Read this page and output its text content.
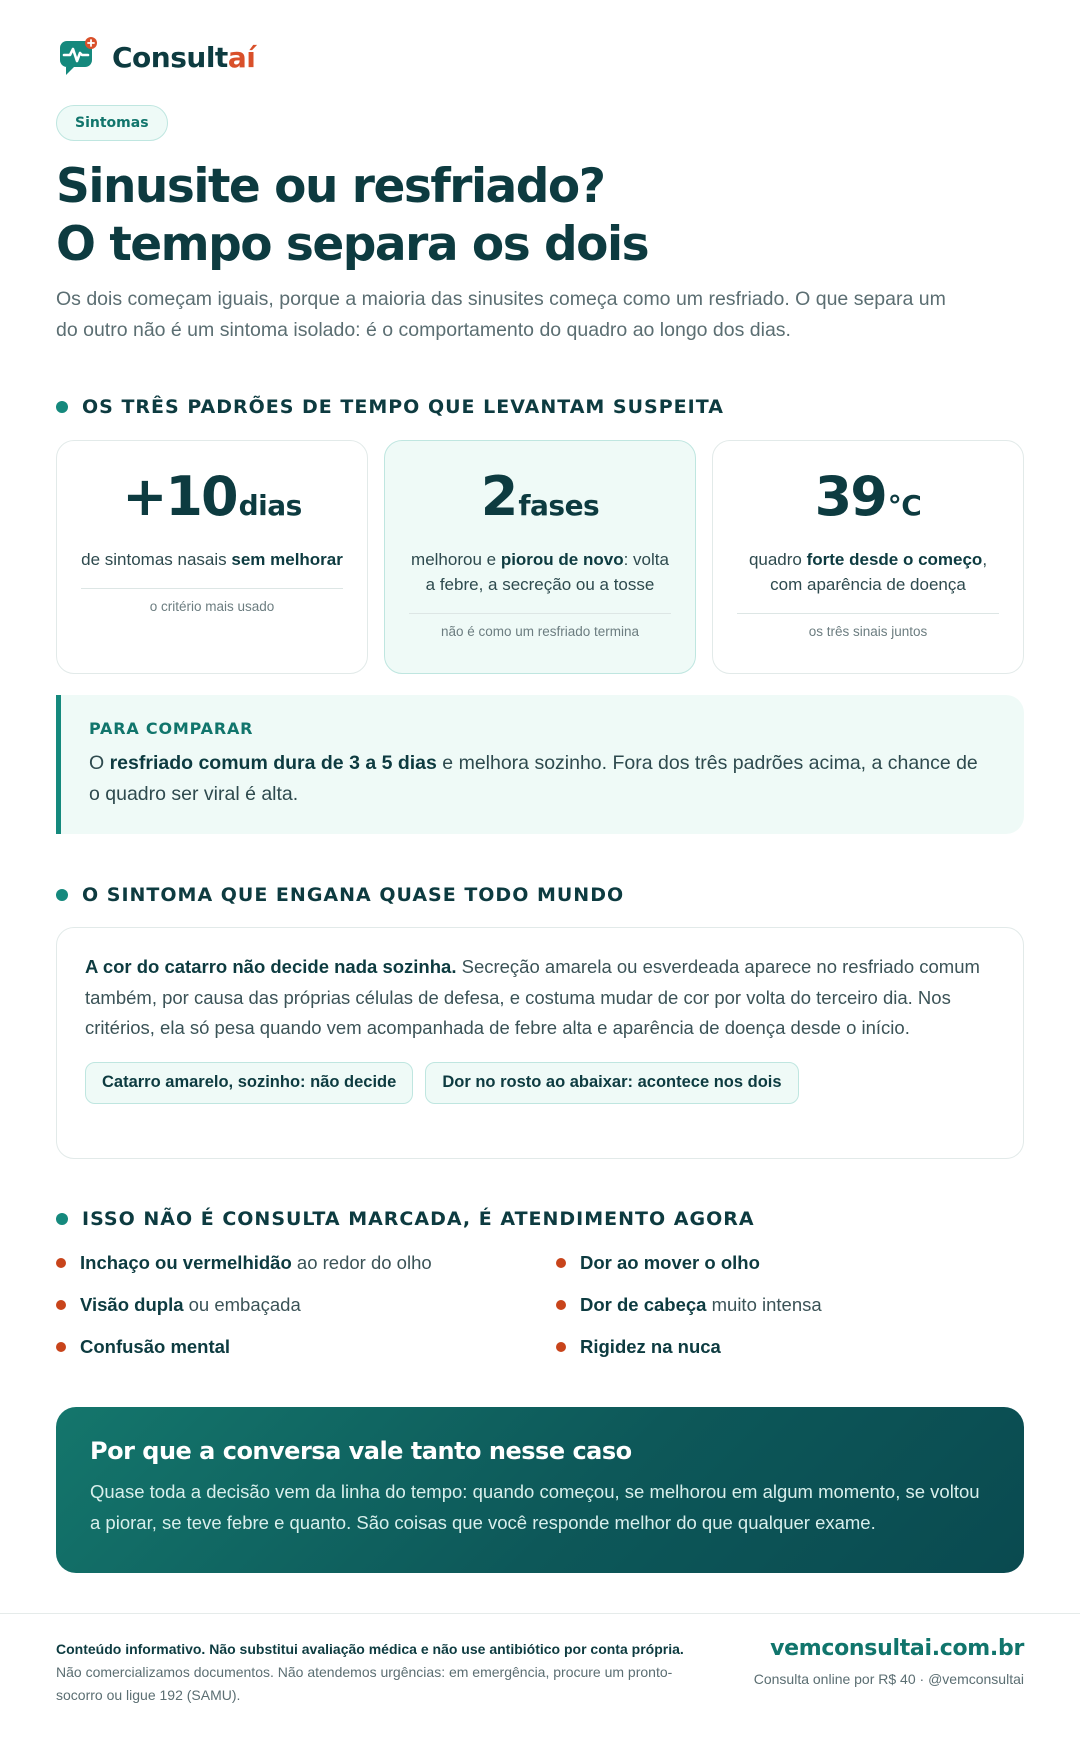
Consultaí
Sintomas
Sinusite ou resfriado?
O tempo separa os dois

Os dois começam iguais, porque a maioria das sinusites começa como um resfriado. O que separa um do outro não é um sintoma isolado: é o comportamento do quadro ao longo dos dias.

OS TRÊS PADRÕES DE TEMPO QUE LEVANTAM SUSPEITA
+10dias
de sintomas nasais sem melhorar
o critério mais usado
2fases
melhorou e piorou de novo: volta a febre, a secreção ou a tosse
não é como um resfriado termina
39°C
quadro forte desde o começo, com aparência de doença
os três sinais juntos
PARA COMPARAR
O resfriado comum dura de 3 a 5 dias e melhora sozinho. Fora dos três padrões acima, a chance de o quadro ser viral é alta.
O SINTOMA QUE ENGANA QUASE TODO MUNDO

A cor do catarro não decide nada sozinha. Secreção amarela ou esverdeada aparece no resfriado comum também, por causa das próprias células de defesa, e costuma mudar de cor por volta do terceiro dia. Nos critérios, ela só pesa quando vem acompanhada de febre alta e aparência de doença desde o início.

Catarro amarelo, sozinho: não decide	Dor no rosto ao abaixar: acontece nos dois
ISSO NÃO É CONSULTA MARCADA, É ATENDIMENTO AGORA
Inchaço ou vermelhidão ao redor do olho	Dor ao mover o olho
Visão dupla ou embaçada	Dor de cabeça muito intensa
Confusão mental	Rigidez na nuca
Por que a conversa vale tanto nesse caso

Quase toda a decisão vem da linha do tempo: quando começou, se melhorou em algum momento, se voltou a piorar, se teve febre e quanto. São coisas que você responde melhor do que qualquer exame.

Conteúdo informativo. Não substitui avaliação médica e não use antibiótico por conta própria. Não comercializamos documentos. Não atendemos urgências: em emergência, procure um pronto-socorro ou ligue 192 (SAMU).

vemconsultai.com.br
Consulta online por R$ 40 · @vemconsultai
